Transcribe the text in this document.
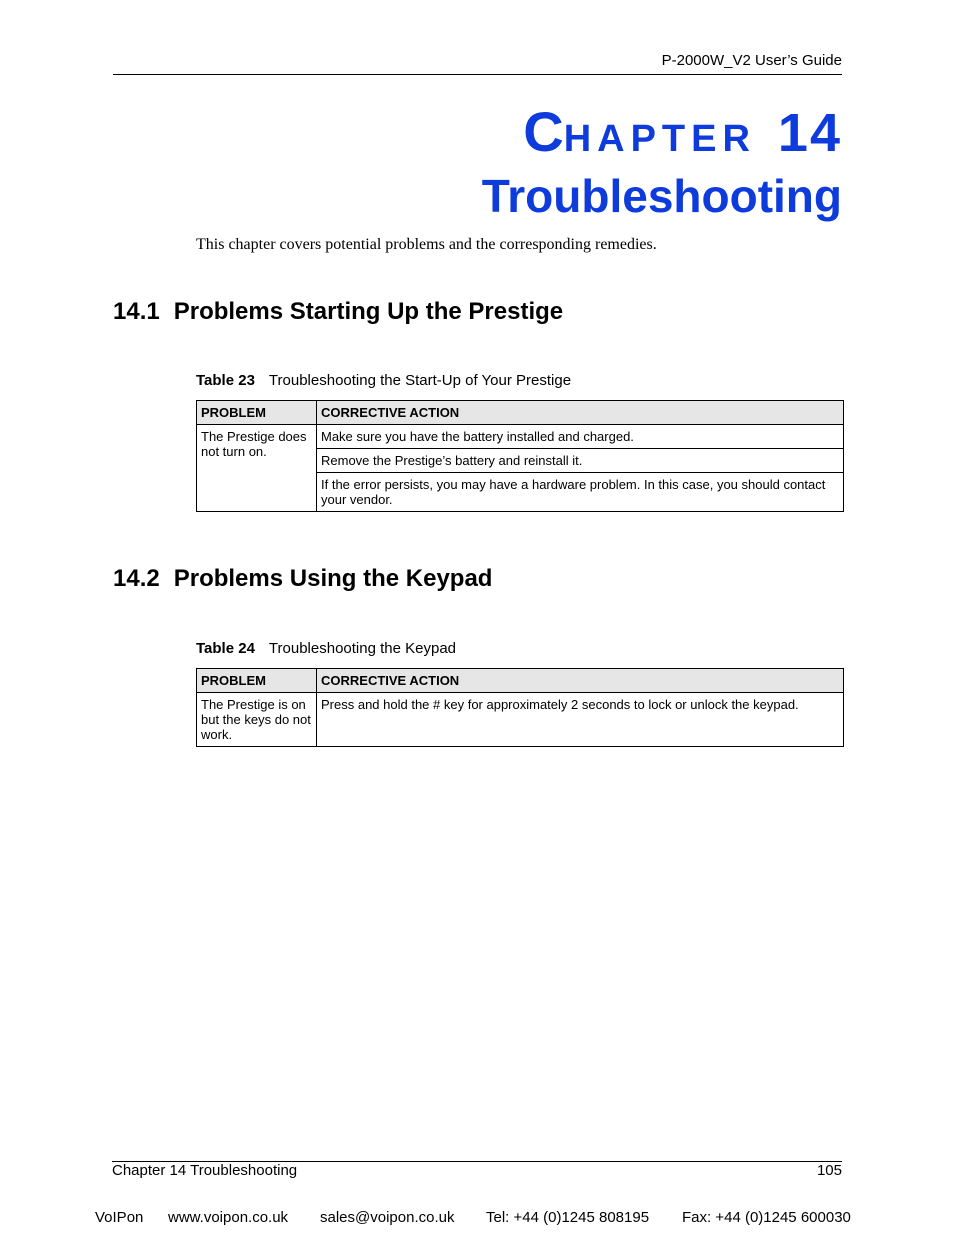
P-2000W_V2 User’s Guide
CHAPTER 14
Troubleshooting
This chapter covers potential problems and the corresponding remedies.
14.1 Problems Starting Up the Prestige
Table 23 Troubleshooting the Start-Up of Your Prestige
PROBLEM	CORRECTIVE ACTION
The Prestige does not turn on.	Make sure you have the battery installed and charged.
	Remove the Prestige’s battery and reinstall it.
	If the error persists, you may have a hardware problem. In this case, you should contact your vendor.
14.2 Problems Using the Keypad
Table 24 Troubleshooting the Keypad
PROBLEM	CORRECTIVE ACTION
The Prestige is on but the keys do not work.	Press and hold the # key for approximately 2 seconds to lock or unlock the keypad.
Chapter 14 Troubleshooting	105
VoIPon www.voipon.co.uk sales@voipon.co.uk Tel: +44 (0)1245 808195 Fax: +44 (0)1245 600030
